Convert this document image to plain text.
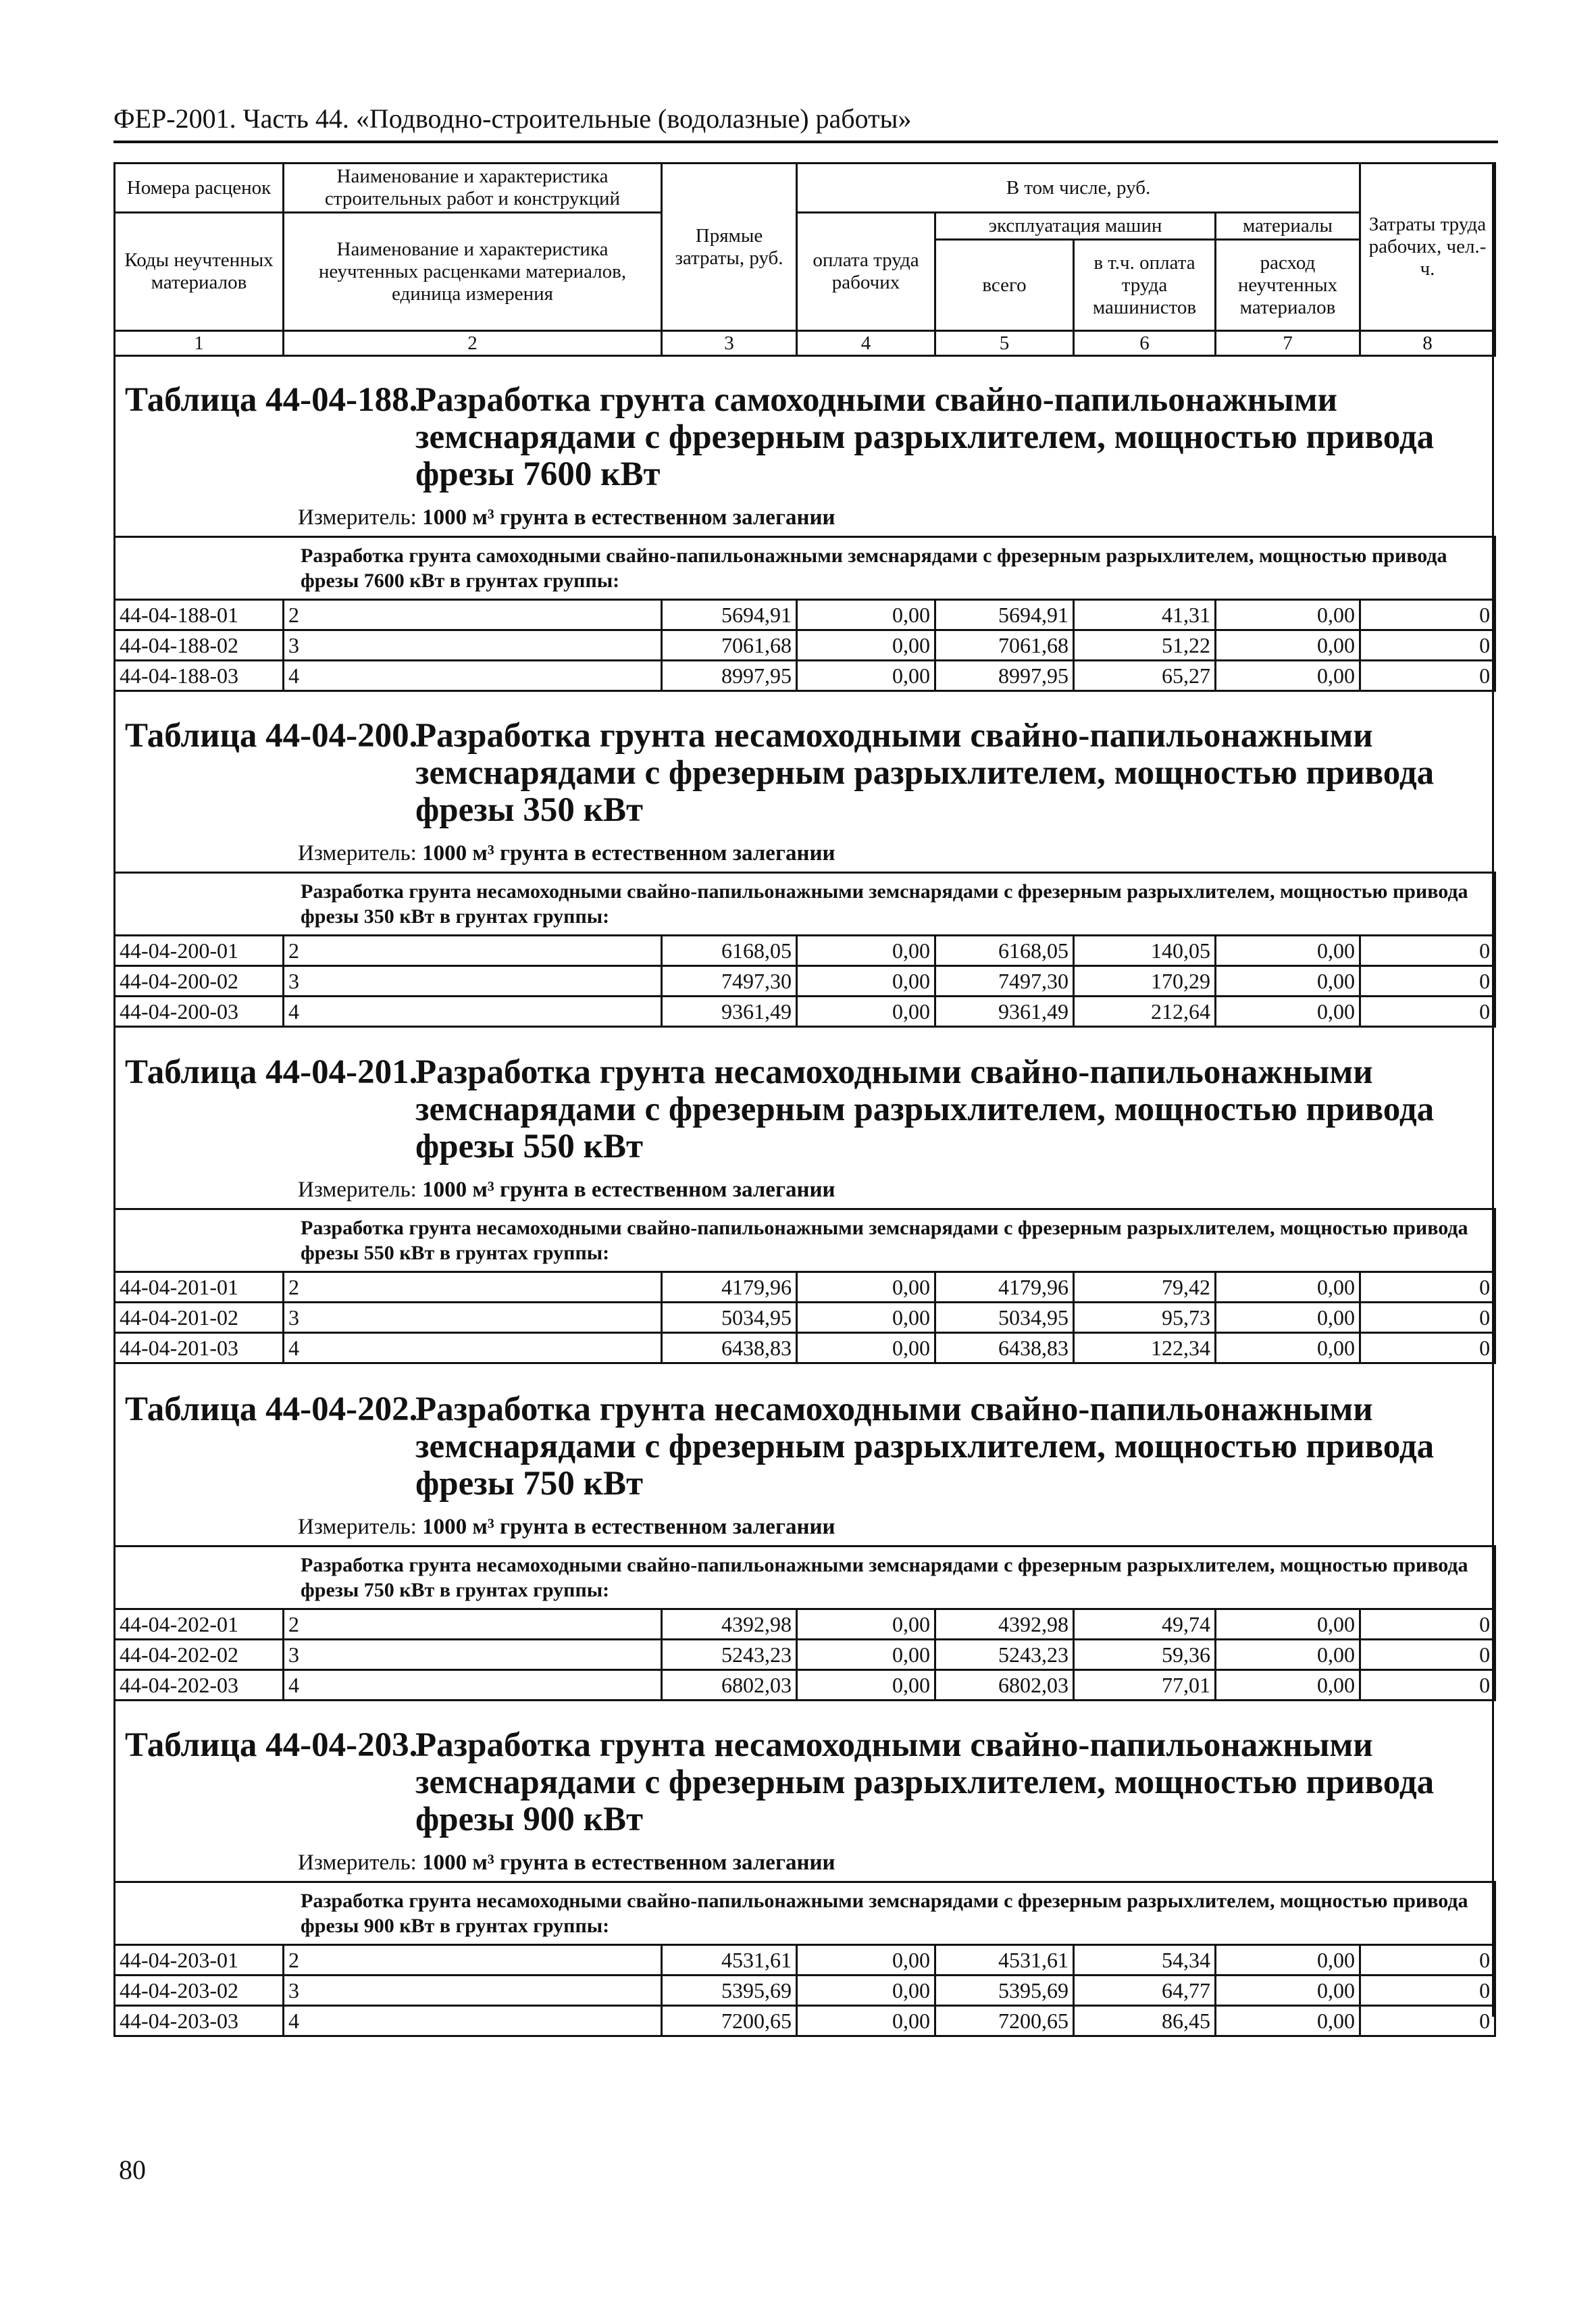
ФЕР-2001. Часть 44. «Подводно-строительные (водолазные) работы»
Номера расценок	Наименование и характеристика строительных работ и конструкций	Прямые затраты, руб.	В том числе, руб.				Затраты труда рабочих, чел.-ч.
Коды неучтенных материалов	Наименование и характеристика неучтенных расценками материалов, единица измерения		оплата труда рабочих	эксплуатация машин		материалы	
				всего	в т.ч. оплата труда машинистов	расход неучтенных материалов	
1	2	3	4	5	6	7	8
Таблица 44-04-188.
Разработка грунта самоходными свайно-папильонажными земснарядами с фрезерным разрыхлителем, мощностью привода фрезы 7600 кВт
Измеритель: 1000 м³ грунта в естественном залегании
Разработка грунта самоходными свайно-папильонажными земснарядами с фрезерным разрыхлителем, мощностью привода фрезы 7600 кВт в грунтах группы:							
44-04-188-01	2	5694,91	0,00	5694,91	41,31	0,00	0
44-04-188-02	3	7061,68	0,00	7061,68	51,22	0,00	0
44-04-188-03	4	8997,95	0,00	8997,95	65,27	0,00	0
Таблица 44-04-200.
Разработка грунта несамоходными свайно-папильонажными земснарядами с фрезерным разрыхлителем, мощностью привода фрезы 350 кВт
Измеритель: 1000 м³ грунта в естественном залегании
Разработка грунта несамоходными свайно-папильонажными земснарядами с фрезерным разрыхлителем, мощностью привода фрезы 350 кВт в грунтах группы:							
44-04-200-01	2	6168,05	0,00	6168,05	140,05	0,00	0
44-04-200-02	3	7497,30	0,00	7497,30	170,29	0,00	0
44-04-200-03	4	9361,49	0,00	9361,49	212,64	0,00	0
Таблица 44-04-201.
Разработка грунта несамоходными свайно-папильонажными земснарядами с фрезерным разрыхлителем, мощностью привода фрезы 550 кВт
Измеритель: 1000 м³ грунта в естественном залегании
Разработка грунта несамоходными свайно-папильонажными земснарядами с фрезерным разрыхлителем, мощностью привода фрезы 550 кВт в грунтах группы:							
44-04-201-01	2	4179,96	0,00	4179,96	79,42	0,00	0
44-04-201-02	3	5034,95	0,00	5034,95	95,73	0,00	0
44-04-201-03	4	6438,83	0,00	6438,83	122,34	0,00	0
Таблица 44-04-202.
Разработка грунта несамоходными свайно-папильонажными земснарядами с фрезерным разрыхлителем, мощностью привода фрезы 750 кВт
Измеритель: 1000 м³ грунта в естественном залегании
Разработка грунта несамоходными свайно-папильонажными земснарядами с фрезерным разрыхлителем, мощностью привода фрезы 750 кВт в грунтах группы:							
44-04-202-01	2	4392,98	0,00	4392,98	49,74	0,00	0
44-04-202-02	3	5243,23	0,00	5243,23	59,36	0,00	0
44-04-202-03	4	6802,03	0,00	6802,03	77,01	0,00	0
Таблица 44-04-203.
Разработка грунта несамоходными свайно-папильонажными земснарядами с фрезерным разрыхлителем, мощностью привода фрезы 900 кВт
Измеритель: 1000 м³ грунта в естественном залегании
Разработка грунта несамоходными свайно-папильонажными земснарядами с фрезерным разрыхлителем, мощностью привода фрезы 900 кВт в грунтах группы:							
44-04-203-01	2	4531,61	0,00	4531,61	54,34	0,00	0
44-04-203-02	3	5395,69	0,00	5395,69	64,77	0,00	0
44-04-203-03	4	7200,65	0,00	7200,65	86,45	0,00	0
80
